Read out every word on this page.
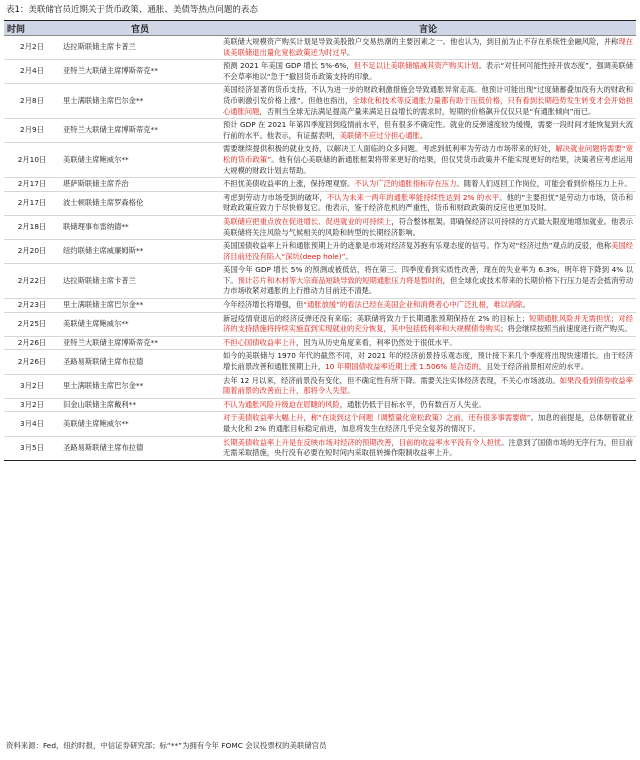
表1：美联储官员近期关于货币政策、通胀、美债等热点问题的表态
时间	官员	言论
2月2日	达拉斯联储主席卡普兰	美联储大规模资产购买计划是导致美股散户交易热潮的主要因素之一。他也认为，到目前为止不存在系统性金融风险，并称现在谈美联储退出量化宽松政策还为时过早。
2月4日	亚特兰大联储主席博斯蒂克**	预测 2021 年美国 GDP 增长 5%-6%，但不足以让美联储缩减其资产购买计划。表示“对任何可能性持开放态度”，强调美联储不会草率地以“急于”撤回货币政策支持的印象。
2月8日	里士满联储主席巴尔金**	美国经济显著的货币支持，不认为进一步的财政刺激措施会导致通胀异常走高。他预计可能出现“过度储蓄叠加没有大的财政和货币刺激引发价格上涨”。但他也指出，全球化和技术等反通胀力量都有助于压低价格，只有看到长期趋势发生转变才会开始担心通胀问题，否则当全球无法满足提高产量来满足日益增长的需求时，短期的价格飙升仅仅只是“有通胀倾向”而已。
2月9日	亚特兰大联储主席博斯蒂克**	预计 GDP 在 2021 年第四季度回到疫情前水平，但有很多不确定性。就业的反弹速度较为缓慢，需要一段时间才能恢复到大流行前的水平。他表示，有证据表明，美联储不应过分担心通胀。
2月10日	美联储主席鲍威尔**	需要继续提供积极的就业支持，以解决工人面临的众多问题。考虑到低利率为劳动力市场带来的好处，解决就业问题将需要“宽松的货币政策”。他有信心美联储的新通胀框架将带来更好的结果，但仅凭货币政策并不能实现更好的结果，决策者应考虑运用大规模的财政计划去帮助。
2月17日	堪萨斯联储主席乔治	不担忧美债收益率的上涨，保持理观察。不认为广泛的通胀指标存在压力。随着人们返回工作岗位，可能会看到价格压力上升。
2月17日	波士顿联储主席罗森格伦	考虑到劳动力市场受到的破坏，不认为未来一两年的通胀率能持续性达到 2% 的水平。他的“主要担忧”是劳动力市场，货币和财政政策应致力于尽快修复它。他表示，鉴于经济危机的严重性，货币和财政政策的反应也更加及时。
2月18日	联储理事布雷纳德**	美联储应把重点放在促进增长、促进就业的可持续上，符合整体框架。即确保经济以可持续的方式最大限度地增加就业。他表示美联储将关注风险与气候相关的风险和转型的长期经济影响。
2月20日	纽约联储主席威廉姆斯**	美国国债收益率上升和通胀预期上升的迹象是市场对经济复苏抱有乐观态度的信号。作为对“经济过热”观点的反驳，他称美国经济目前还没有陷入“深坑(deep hole)”。
2月22日	达拉斯联储主席卡普兰	美国今年 GDP 增长 5% 的预测或被低估，将在第三、四季度看到实质性改善，现在的失业率为 6.3%，明年将下降到 4% 以下。预计芯片和木材等大宗商品短缺导致的短期通胀压力将是暂时的，但全球化或技术带来的长期价格下行压力是否会抵消劳动力市场收紧对通胀的上行推动力目前还不清楚。
2月23日	里士满联储主席巴尔金**	今年经济增长将增强，但“通胀放缓”的看法已经在美国企业和消费者心中广泛扎根，难以消除。
2月25日	美联储主席鲍威尔**	新冠疫情衰退后的经济反弹还没有来临；美联储将致力于长期通胀预期保持在 2% 的目标上；短期通胀风险并无需担忧；对经济的支持措施将持续实施直到实现就业的充分恢复，其中包括低利率和大规模债券购买；将会继续按照当前速度进行资产购买。
2月26日	亚特兰大联储主席博斯蒂克**	不担心国债收益率上升，因为从历史角度来看，利率仍然处于很低水平。
2月26日	圣路易斯联储主席布拉德	如今的美联储与 1970 年代的截然不同，对 2021 年的经济前景持乐观态度，预计接下来几个季度将出现快速增长。由于经济增长前景改善和通胀预期上升，10 年期国债收益率近期上涨 1.506% 是合适的，且处于经济前景相对应的水平。
3月2日	里士满联储主席巴尔金**	去年 12 月以来，经济前景没有变化，但不确定性有所下降。需要关注实体经济表现，不关心市场波动。如果没看到债券收益率随着前景的改善而上升，那将令人失望。
3月2日	旧金山联储主席戴利**	不认为通胀风险升级迫在眉睫的风险，通胀仍低于目标水平，仍有数百万人失业。
3月4日	美联储主席鲍威尔**	对于美债收益率大幅上升，称“在谈到这个问题（调整量化宽松政策）之前，还有很多事需要做”。加息的前提是，总体朝着就业最大化和 2% 的通胀目标稳定前进，加息将发生在经济几乎完全复苏的情况下。
3月5日	圣路易斯联储主席布拉德	长期美债收益率上升是在反映市场对经济的预期改善，目前的收益率水平没有令人担忧。注意到了国债市场的无序行为，但目前无需采取措施，央行没有必要在短时间内采取扭转操作限制收益率上升。
资料来源：Fed，纽约时报，中信证券研究部；标“**”为拥有今年 FOMC 会议投票权的美联储官员
